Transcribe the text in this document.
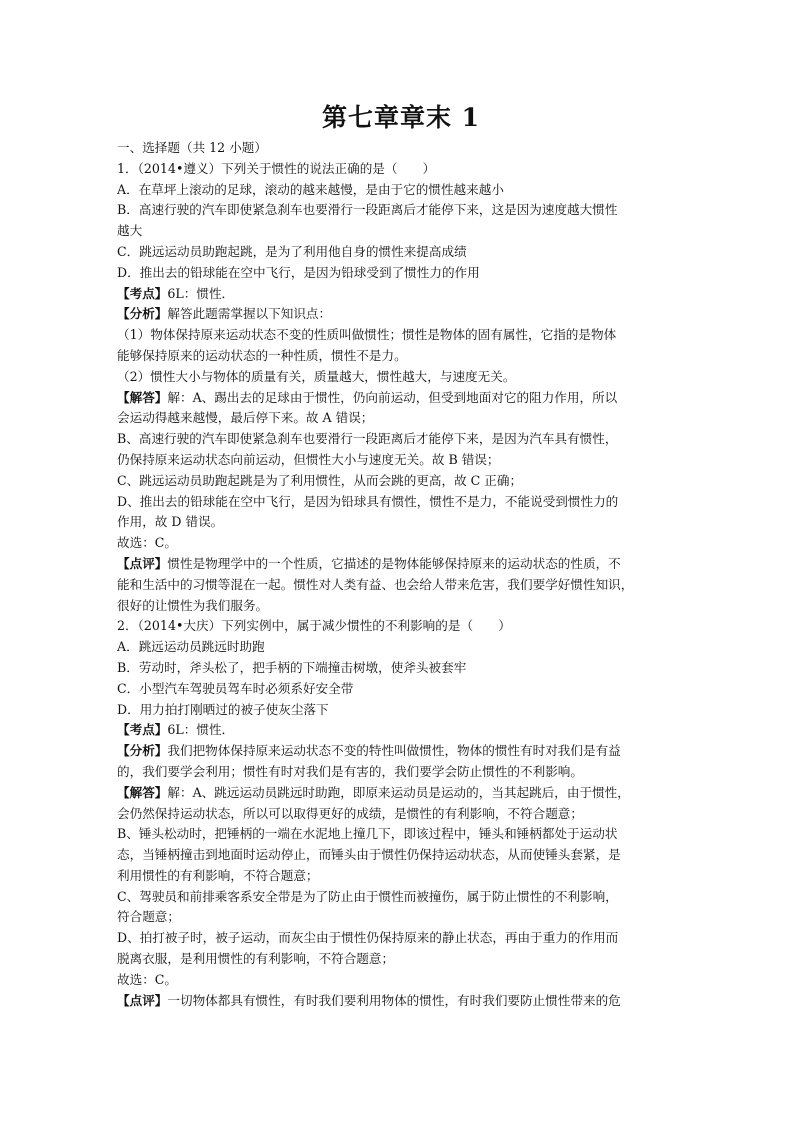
第七章章末 1
一、选择题（共 12 小题）
1．（2014•遵义）下列关于惯性的说法正确的是（　　）
A．在草坪上滚动的足球，滚动的越来越慢，是由于它的惯性越来越小
B．高速行驶的汽车即使紧急刹车也要滑行一段距离后才能停下来，这是因为速度越大惯性
越大
C．跳远运动员助跑起跳，是为了利用他自身的惯性来提高成绩
D．推出去的铅球能在空中飞行，是因为铅球受到了惯性力的作用
【考点】6L：惯性．
【分析】解答此题需掌握以下知识点：
（1）物体保持原来运动状态不变的性质叫做惯性；惯性是物体的固有属性，它指的是物体
能够保持原来的运动状态的一种性质，惯性不是力。
（2）惯性大小与物体的质量有关，质量越大，惯性越大，与速度无关。
【解答】解：A、踢出去的足球由于惯性，仍向前运动，但受到地面对它的阻力作用，所以
会运动得越来越慢，最后停下来。故 A 错误；
B、高速行驶的汽车即使紧急刹车也要滑行一段距离后才能停下来，是因为汽车具有惯性，
仍保持原来运动状态向前运动，但惯性大小与速度无关。故 B 错误；
C、跳远运动员助跑起跳是为了利用惯性，从而会跳的更高，故 C 正确；
D、推出去的铅球能在空中飞行，是因为铅球具有惯性，惯性不是力，不能说受到惯性力的
作用，故 D 错误。
故选：C。
【点评】惯性是物理学中的一个性质，它描述的是物体能够保持原来的运动状态的性质，不
能和生活中的习惯等混在一起。惯性对人类有益、也会给人带来危害，我们要学好惯性知识，
很好的让惯性为我们服务。
2．（2014•大庆）下列实例中，属于减少惯性的不利影响的是（　　）
A．跳远运动员跳远时助跑
B．劳动时，斧头松了，把手柄的下端撞击树墩，使斧头被套牢
C．小型汽车驾驶员驾车时必须系好安全带
D．用力拍打刚晒过的被子使灰尘落下
【考点】6L：惯性．
【分析】我们把物体保持原来运动状态不变的特性叫做惯性，物体的惯性有时对我们是有益
的，我们要学会利用；惯性有时对我们是有害的，我们要学会防止惯性的不利影响。
【解答】解：A、跳远运动员跳远时助跑，即原来运动员是运动的，当其起跳后，由于惯性，
会仍然保持运动状态，所以可以取得更好的成绩，是惯性的有利影响，不符合题意；
B、锤头松动时，把锤柄的一端在水泥地上撞几下，即该过程中，锤头和锤柄都处于运动状
态，当锤柄撞击到地面时运动停止，而锤头由于惯性仍保持运动状态，从而使锤头套紧，是
利用惯性的有利影响，不符合题意；
C、驾驶员和前排乘客系安全带是为了防止由于惯性而被撞伤，属于防止惯性的不利影响，
符合题意；
D、拍打被子时，被子运动，而灰尘由于惯性仍保持原来的静止状态，再由于重力的作用而
脱离衣服，是利用惯性的有利影响，不符合题意；
故选：C。
【点评】一切物体都具有惯性，有时我们要利用物体的惯性，有时我们要防止惯性带来的危
